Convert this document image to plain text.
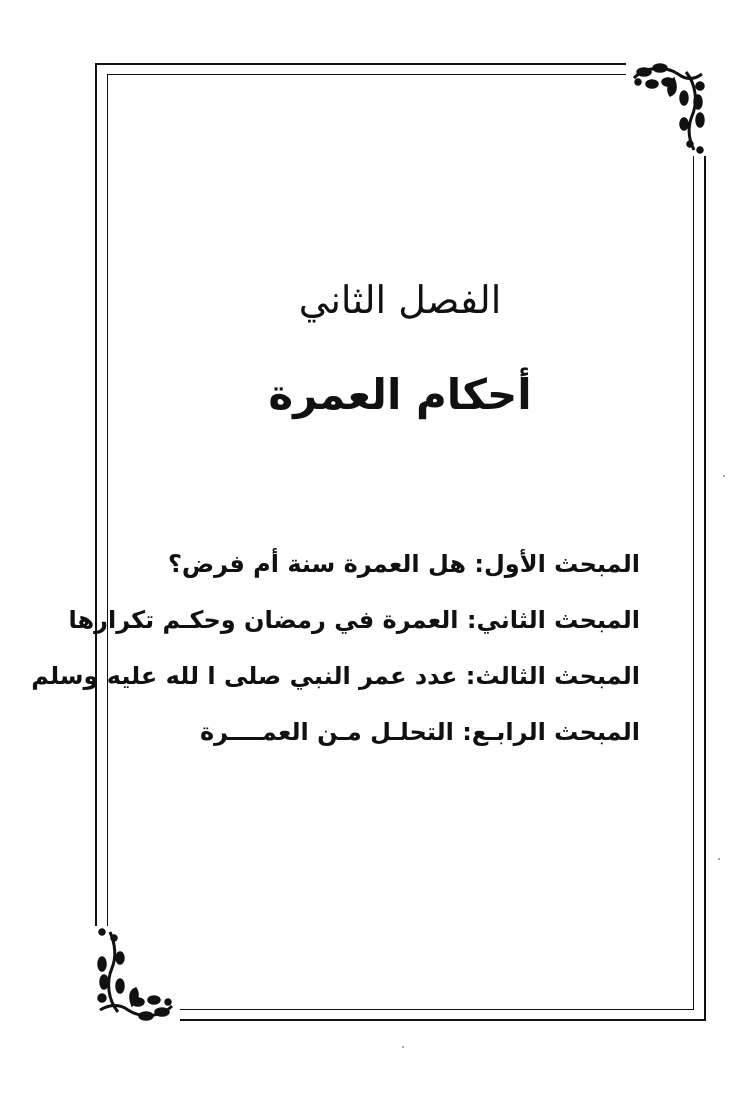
الفصل الثاني
أحكام العمرة
المبحث الأول: هل العمرة سنة أم فرض؟
المبحث الثاني: العمرة في رمضان وحكـم تكرارها
المبحث الثالث: عدد عمر النبي صلى ا لله عليه وسلم
المبحث الرابـع: التحلـل مـن العمــــرة
